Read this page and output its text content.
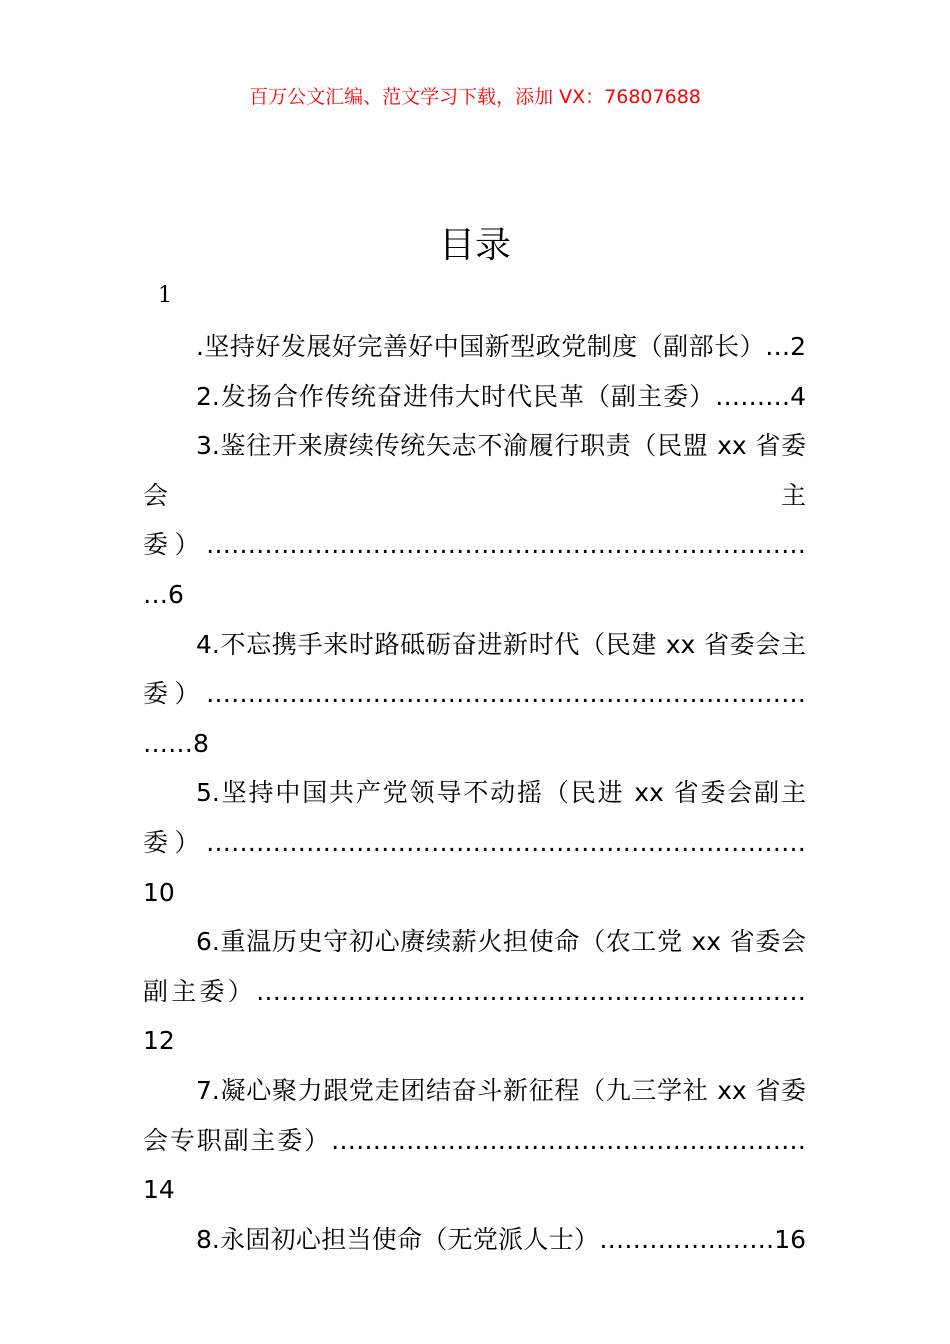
百万公文汇编、范文学习下载，添加 VX：76807688
目录
1

.坚持好发展好完善好中国新型政党制度（副部长）…2

2.发扬合作传统奋进伟大时代民革（副主委）………4

3.鉴往开来赓续传统矢志不渝履行职责（民盟 xx 省委会主委）…………………………………………………………………6

4.不忘携手来时路砥砺奋进新时代（民建 xx 省委会主委）……………………………………………………………………8

5.坚持中国共产党领导不动摇（民进 xx 省委会副主委）………………………………………………………………10

6.重温历史守初心赓续薪火担使命（农工党 xx 省委会副主委）…………………………………………………………12

7.凝心聚力跟党走团结奋斗新征程（九三学社 xx 省委会专职副主委）…………………………………………………14

8.永固初心担当使命（无党派人士）…………………16
